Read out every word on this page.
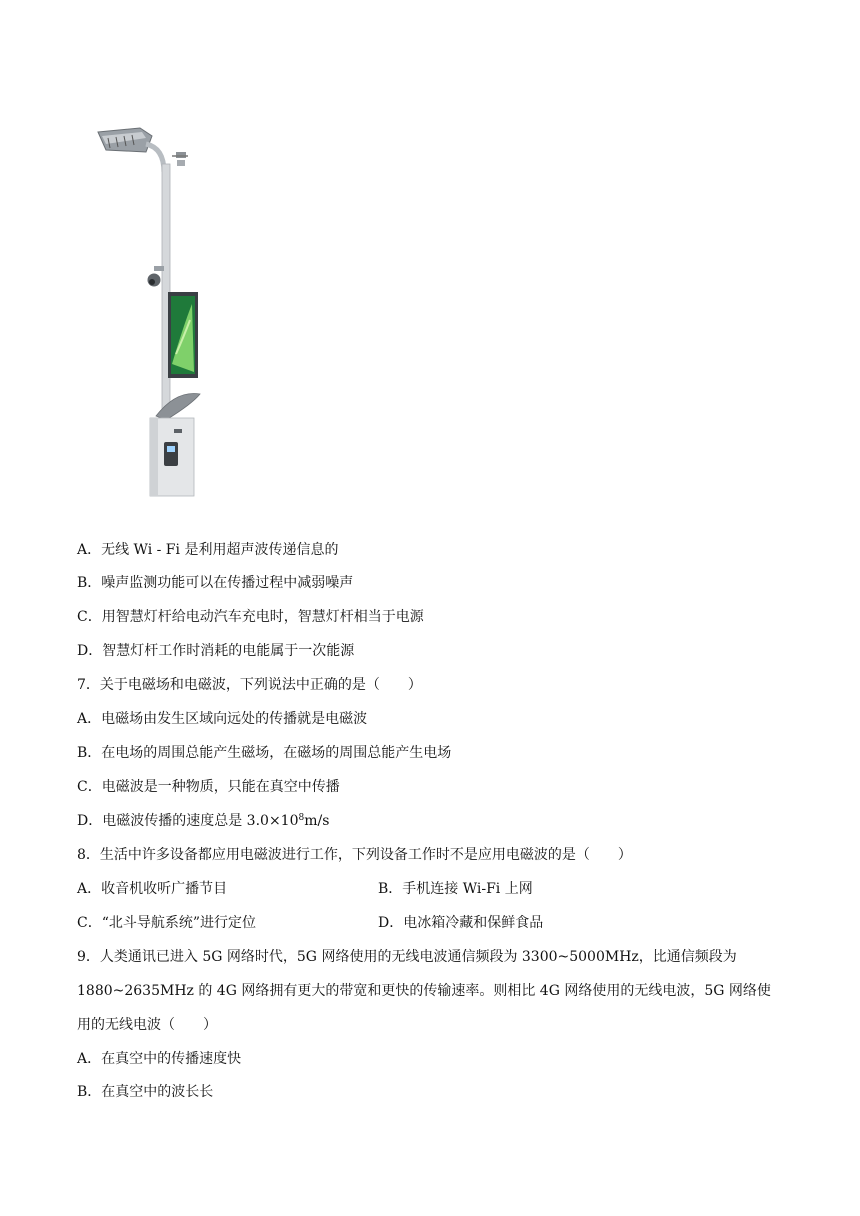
A．无线 Wi - Fi 是利用超声波传递信息的
B．噪声监测功能可以在传播过程中减弱噪声
C．用智慧灯杆给电动汽车充电时，智慧灯杆相当于电源
D．智慧灯杆工作时消耗的电能属于一次能源
7．关于电磁场和电磁波，下列说法中正确的是（　　）
A．电磁场由发生区域向远处的传播就是电磁波
B．在电场的周围总能产生磁场，在磁场的周围总能产生电场
C．电磁波是一种物质，只能在真空中传播
D．电磁波传播的速度总是 $3.0\times 10^8m/s$
8．生活中许多设备都应用电磁波进行工作，下列设备工作时不是应用电磁波的是（　　）
A．收音机收听广播节目	B．手机连接 Wi-Fi 上网
C．“北斗导航系统”进行定位	D．电冰箱冷藏和保鲜食品
9．人类通讯已进入 5G 网络时代，5G 网络使用的无线电波通信频段为 3300~5000MHz，比通信频段为
1880~2635MHz 的 4G 网络拥有更大的带宽和更快的传输速率。则相比 4G 网络使用的无线电波，5G 网络使
用的无线电波（　　）
A．在真空中的传播速度快
B．在真空中的波长长
